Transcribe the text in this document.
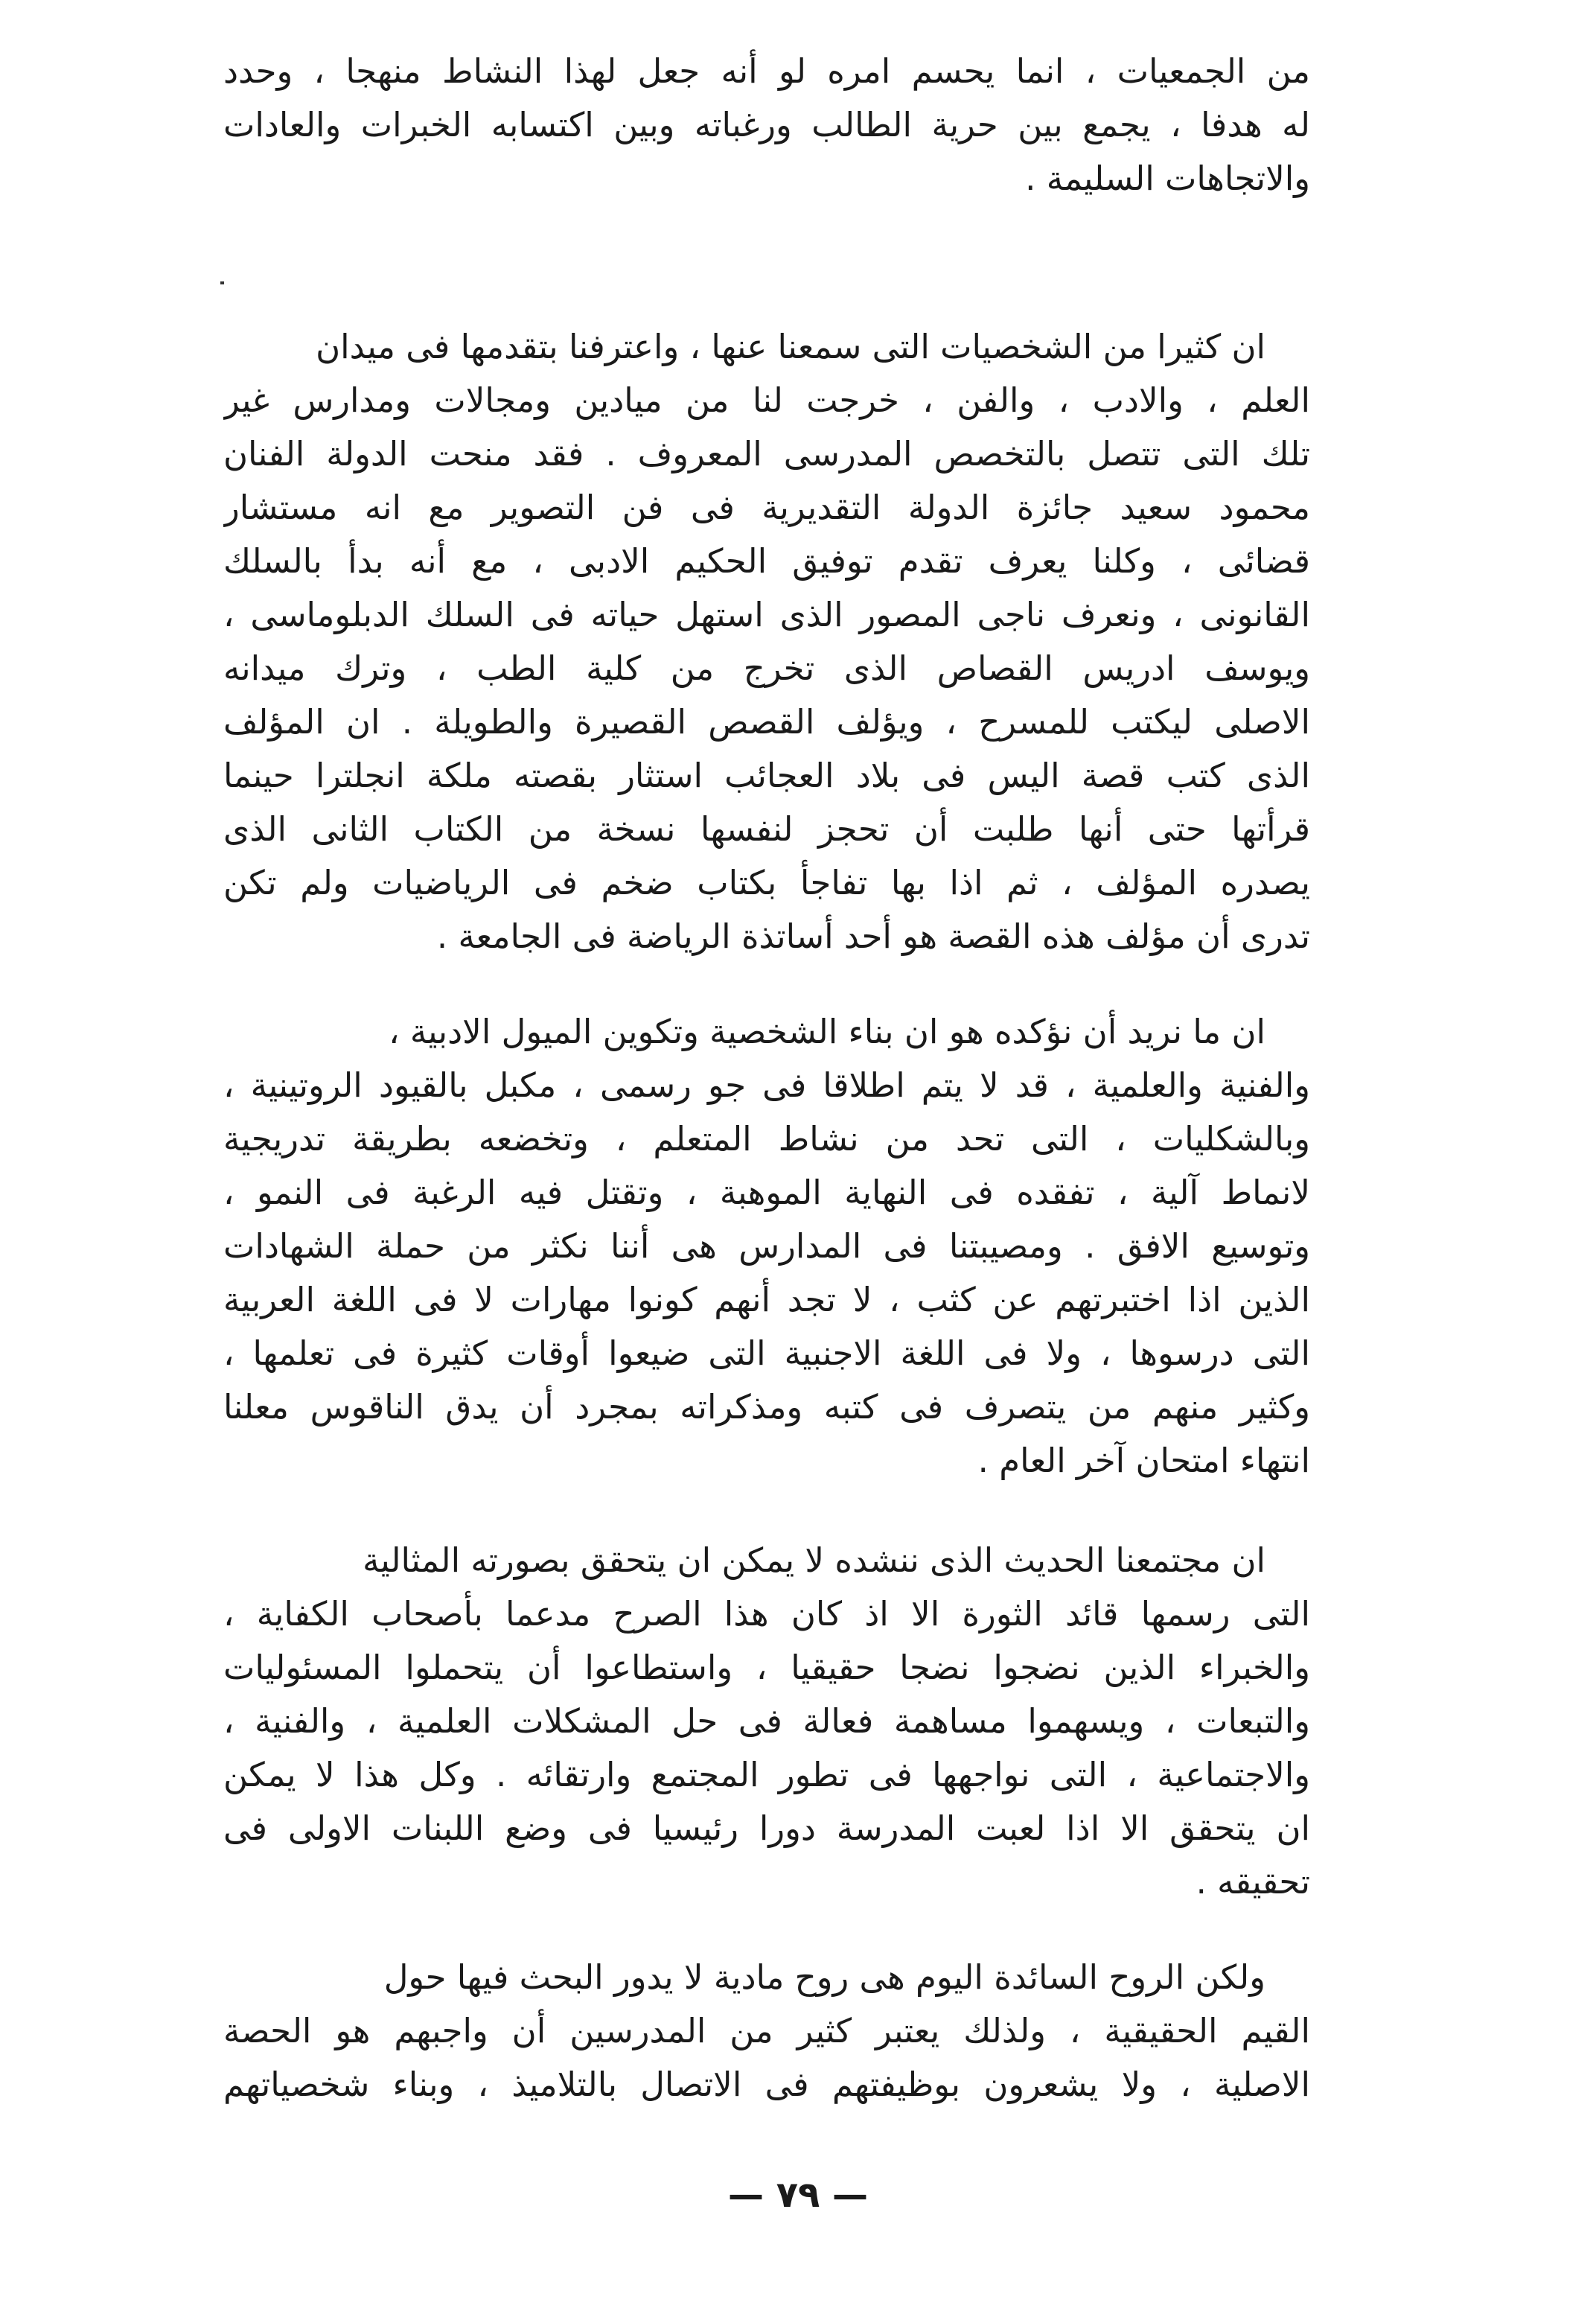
من الجمعيات ، انما يحسم امره لو أنه جعل لهذا النشاط منهجا ، وحدد
له هدفا ، يجمع بين حرية الطالب ورغباته وبين اكتسابه الخبرات والعادات
والاتجاهات السليمة .
ان كثيرا من الشخصيات التى سمعنا عنها ، واعترفنا بتقدمها فى ميدان
العلم ، والادب ، والفن ، خرجت لنا من ميادين ومجالات ومدارس غير
تلك التى تتصل بالتخصص المدرسى المعروف . فقد منحت الدولة الفنان
محمود سعيد جائزة الدولة التقديرية فى فن التصوير مع انه مستشار
قضائى ، وكلنا يعرف تقدم توفيق الحكيم الادبى ، مع أنه بدأ بالسلك
القانونى ، ونعرف ناجى المصور الذى استهل حياته فى السلك الدبلوماسى ،
ويوسف ادريس القصاص الذى تخرج من كلية الطب ، وترك ميدانه
الاصلى ليكتب للمسرح ، ويؤلف القصص القصيرة والطويلة . ان المؤلف
الذى كتب قصة اليس فى بلاد العجائب استثار بقصته ملكة انجلترا حينما
قرأتها حتى أنها طلبت أن تحجز لنفسها نسخة من الكتاب الثانى الذى
يصدره المؤلف ، ثم اذا بها تفاجأ بكتاب ضخم فى الرياضيات ولم تكن
تدرى أن مؤلف هذه القصة هو أحد أساتذة الرياضة فى الجامعة .
ان ما نريد أن نؤكده هو ان بناء الشخصية وتكوين الميول الادبية ،
والفنية والعلمية ، قد لا يتم اطلاقا فى جو رسمى ، مكبل بالقيود الروتينية ،
وبالشكليات ، التى تحد من نشاط المتعلم ، وتخضعه بطريقة تدريجية
لانماط آلية ، تفقده فى النهاية الموهبة ، وتقتل فيه الرغبة فى النمو ،
وتوسيع الافق . ومصيبتنا فى المدارس هى أننا نكثر من حملة الشهادات
الذين اذا اختبرتهم عن كثب ، لا تجد أنهم كونوا مهارات لا فى اللغة العربية
التى درسوها ، ولا فى اللغة الاجنبية التى ضيعوا أوقات كثيرة فى تعلمها ،
وكثير منهم من يتصرف فى كتبه ومذكراته بمجرد أن يدق الناقوس معلنا
انتهاء امتحان آخر العام .
ان مجتمعنا الحديث الذى ننشده لا يمكن ان يتحقق بصورته المثالية
التى رسمها قائد الثورة الا اذ كان هذا الصرح مدعما بأصحاب الكفاية ،
والخبراء الذين نضجوا نضجا حقيقيا ، واستطاعوا أن يتحملوا المسئوليات
والتبعات ، ويسهموا مساهمة فعالة فى حل المشكلات العلمية ، والفنية ،
والاجتماعية ، التى نواجهها فى تطور المجتمع وارتقائه . وكل هذا لا يمكن
ان يتحقق الا اذا لعبت المدرسة دورا رئيسيا فى وضع اللبنات الاولى فى
تحقيقه .
ولكن الروح السائدة اليوم هى روح مادية لا يدور البحث فيها حول
القيم الحقيقية ، ولذلك يعتبر كثير من المدرسين أن واجبهم هو الحصة
الاصلية ، ولا يشعرون بوظيفتهم فى الاتصال بالتلاميذ ، وبناء شخصياتهم
— ٧٩ —
